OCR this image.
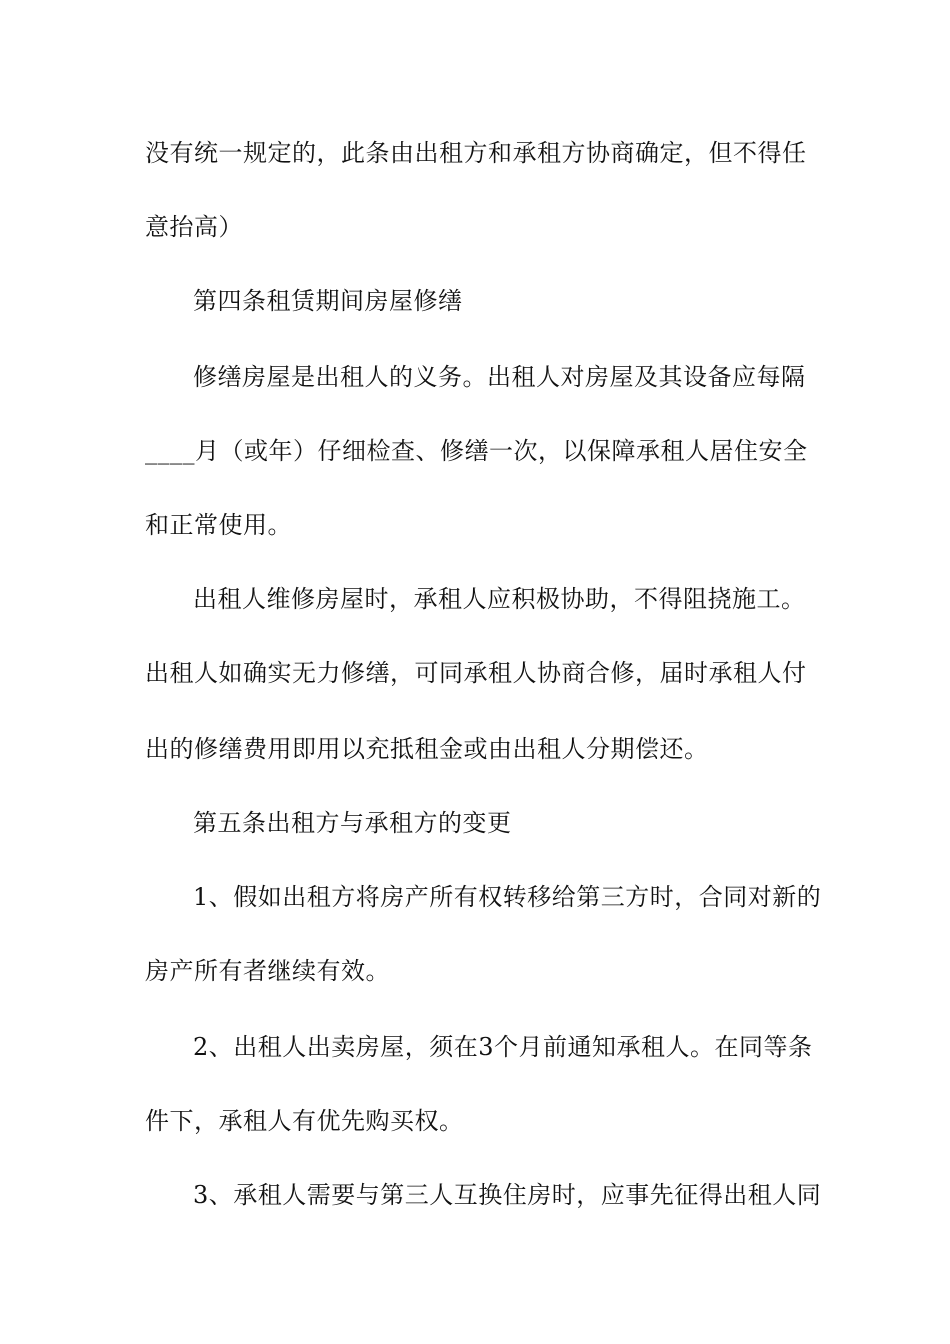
没有统一规定的，此条由出租方和承租方协商确定，但不得任
意抬高）
第四条租赁期间房屋修缮
修缮房屋是出租人的义务。出租人对房屋及其设备应每隔
____月（或年）仔细检查、修缮一次，以保障承租人居住安全
和正常使用。
出租人维修房屋时，承租人应积极协助，不得阻挠施工。
出租人如确实无力修缮，可同承租人协商合修，届时承租人付
出的修缮费用即用以充抵租金或由出租人分期偿还。
第五条出租方与承租方的变更
1、假如出租方将房产所有权转移给第三方时，合同对新的
房产所有者继续有效。
2、出租人出卖房屋，须在3个月前通知承租人。在同等条
件下，承租人有优先购买权。
3、承租人需要与第三人互换住房时，应事先征得出租人同
